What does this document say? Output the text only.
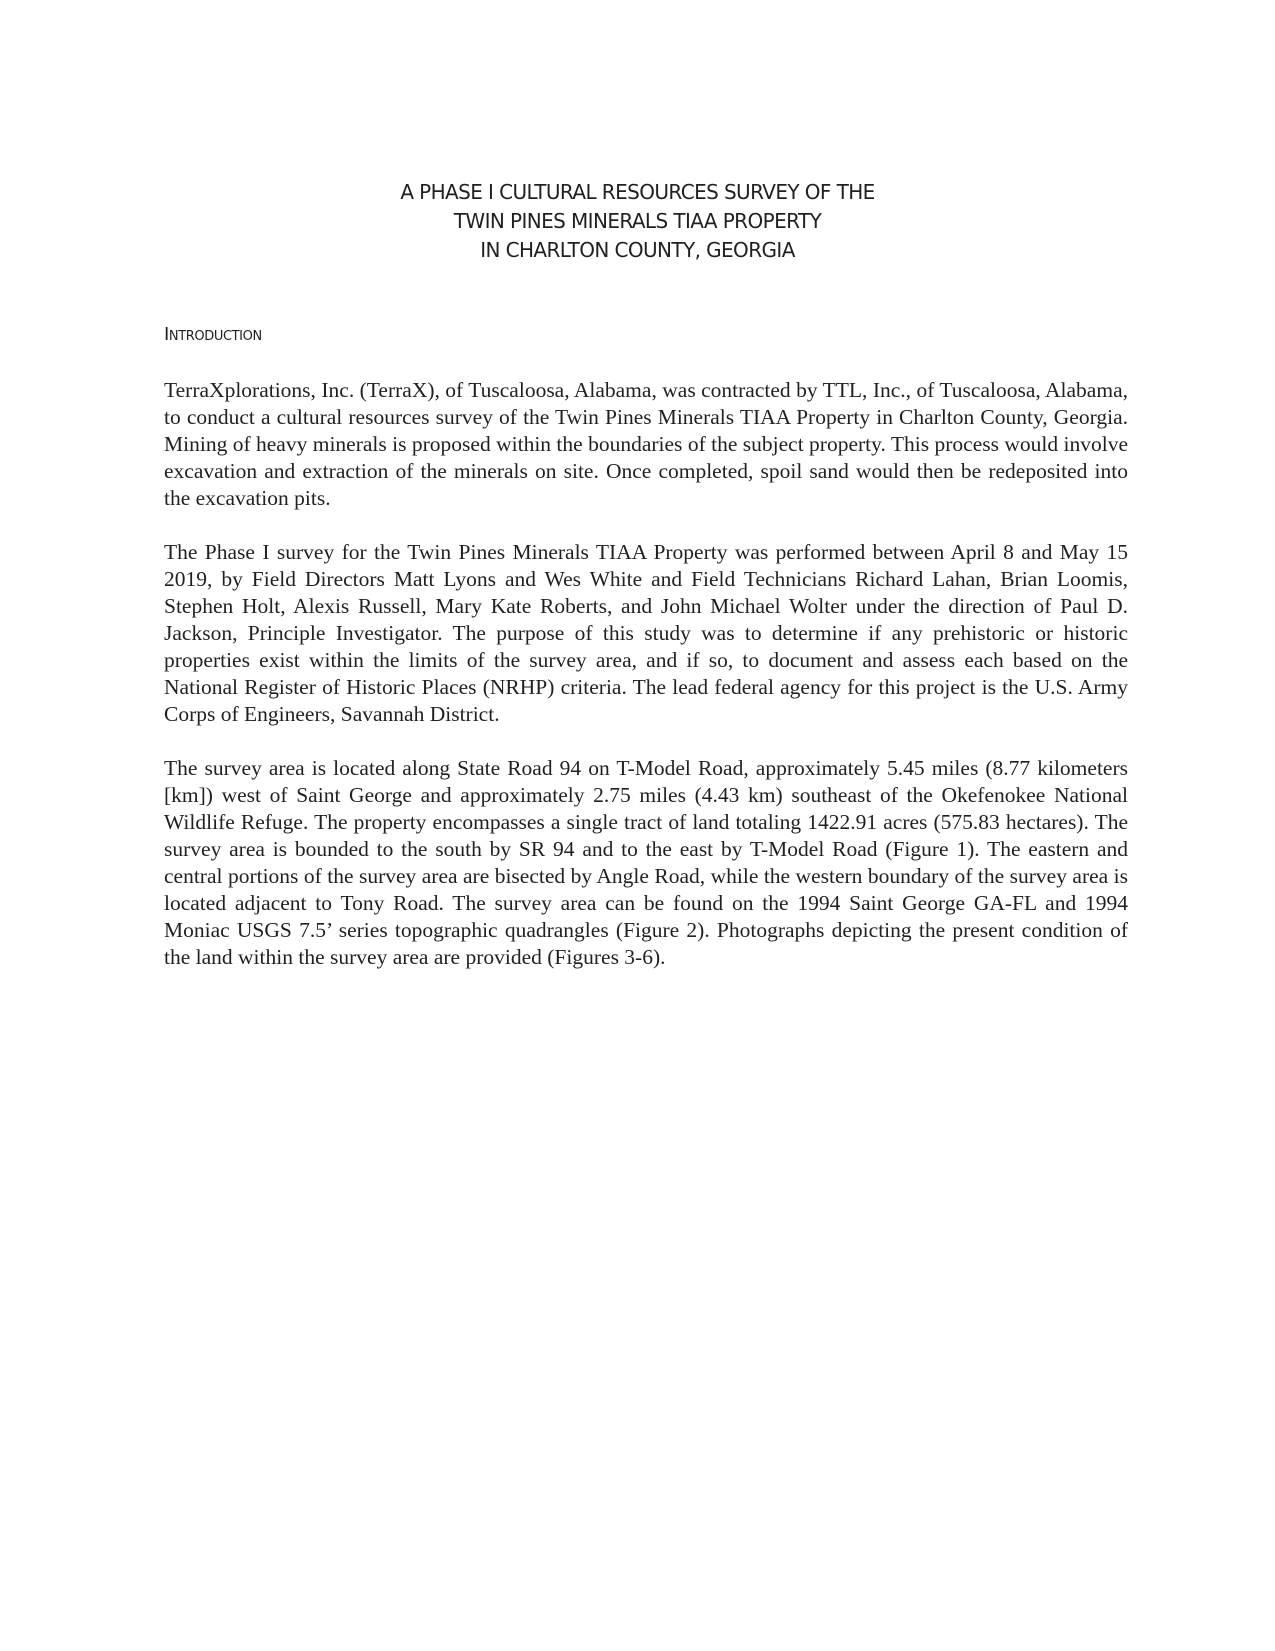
A PHASE I CULTURAL RESOURCES SURVEY OF THE
TWIN PINES MINERALS TIAA PROPERTY
IN CHARLTON COUNTY, GEORGIA
Introduction

TerraXplorations, Inc. (TerraX), of Tuscaloosa, Alabama, was contracted by TTL, Inc., of Tuscaloosa, Alabama, to conduct a cultural resources survey of the Twin Pines Minerals TIAA Property in Charlton County, Georgia. Mining of heavy minerals is proposed within the boundaries of the subject property. This process would involve excavation and extraction of the minerals on site. Once completed, spoil sand would then be redeposited into the excavation pits.

The Phase I survey for the Twin Pines Minerals TIAA Property was performed between April 8 and May 15 2019, by Field Directors Matt Lyons and Wes White and Field Technicians Richard Lahan, Brian Loomis, Stephen Holt, Alexis Russell, Mary Kate Roberts, and John Michael Wolter under the direction of Paul D. Jackson, Principle Investigator. The purpose of this study was to determine if any prehistoric or historic properties exist within the limits of the survey area, and if so, to document and assess each based on the National Register of Historic Places (NRHP) criteria. The lead federal agency for this project is the U.S. Army Corps of Engineers, Savannah District.

The survey area is located along State Road 94 on T-Model Road, approximately 5.45 miles (8.77 kilometers [km]) west of Saint George and approximately 2.75 miles (4.43 km) southeast of the Okefenokee National Wildlife Refuge. The property encompasses a single tract of land totaling 1422.91 acres (575.83 hectares). The survey area is bounded to the south by SR 94 and to the east by T-Model Road (Figure 1). The eastern and central portions of the survey area are bisected by Angle Road, while the western boundary of the survey area is located adjacent to Tony Road. The survey area can be found on the 1994 Saint George GA-FL and 1994 Moniac USGS 7.5’ series topographic quadrangles (Figure 2). Photographs depicting the present condition of the land within the survey area are provided (Figures 3-6).
